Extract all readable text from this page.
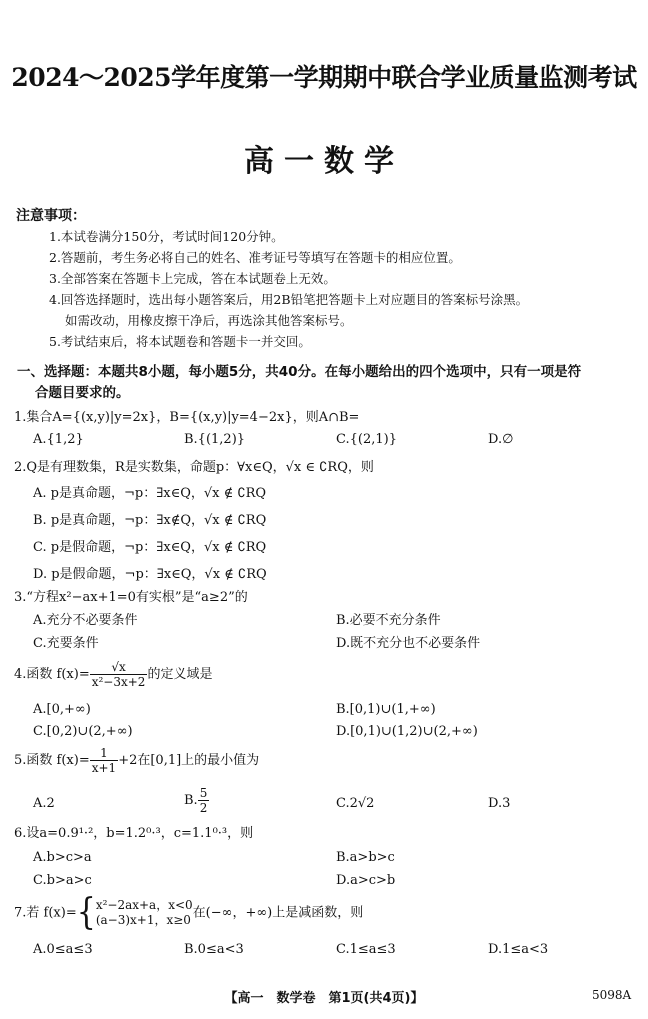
2024～2025学年度第一学期期中联合学业质量监测考试
高一数学
注意事项：
1.本试卷满分150分，考试时间120分钟。
2.答题前，考生务必将自己的姓名、准考证号等填写在答题卡的相应位置。
3.全部答案在答题卡上完成，答在本试题卷上无效。
4.回答选择题时，选出每小题答案后，用2B铅笔把答题卡上对应题目的答案标号涂黑。
如需改动，用橡皮擦干净后，再选涂其他答案标号。
5.考试结束后，将本试题卷和答题卡一并交回。
一、选择题：本题共8小题，每小题5分，共40分。在每小题给出的四个选项中，只有一项是符
合题目要求的。
1.集合A={(x,y)|y=2x}，B={(x,y)|y=4−2x}，则A∩B=
A.{1,2}	B.{(1,2)}	C.{(2,1)}	D.∅
2.Q是有理数集，R是实数集，命题p：∀x∈Q，√x ∈ ∁RQ，则
A. p是真命题，¬p：∃x∈Q，√x ∉ ∁RQ
B. p是真命题，¬p：∃x∉Q，√x ∉ ∁RQ
C. p是假命题，¬p：∃x∈Q，√x ∉ ∁RQ
D. p是假命题，¬p：∃x∈Q，√x ∉ ∁RQ
3.“方程x²−ax+1=0有实根”是“a≥2”的
A.充分不必要条件	B.必要不充分条件
C.充要条件	D.既不充分也不必要条件
4.函数 $f(x)= \frac{√x}{\text{x²−3x+2}}$ 的定义域是
A.[0,+∞)	B.[0,1)∪(1,+∞)
C.[0,2)∪(2,+∞)	D.[0,1)∪(1,2)∪(2,+∞)
5.函数 $f(x)= \frac{1}{x+1} +2$在[0,1]上的最小值为
A.2	B. $\frac{5}{2}$	C.2√2	D.3
6.设a=0.9¹·²，b=1.2⁰·³，c=1.1⁰·³，则
A.b>c>a	B.a>b>c
C.b>a>c	D.a>c>b
7.若 f(x)={ x²−2ax+a，x<0
(a−3)x+1，x≥0 在(−∞，+∞)上是减函数，则
A.0≤a≤3	B.0≤a<3	C.1≤a≤3	D.1≤a<3
【高一　数学卷　第1页(共4页)】	5098A
